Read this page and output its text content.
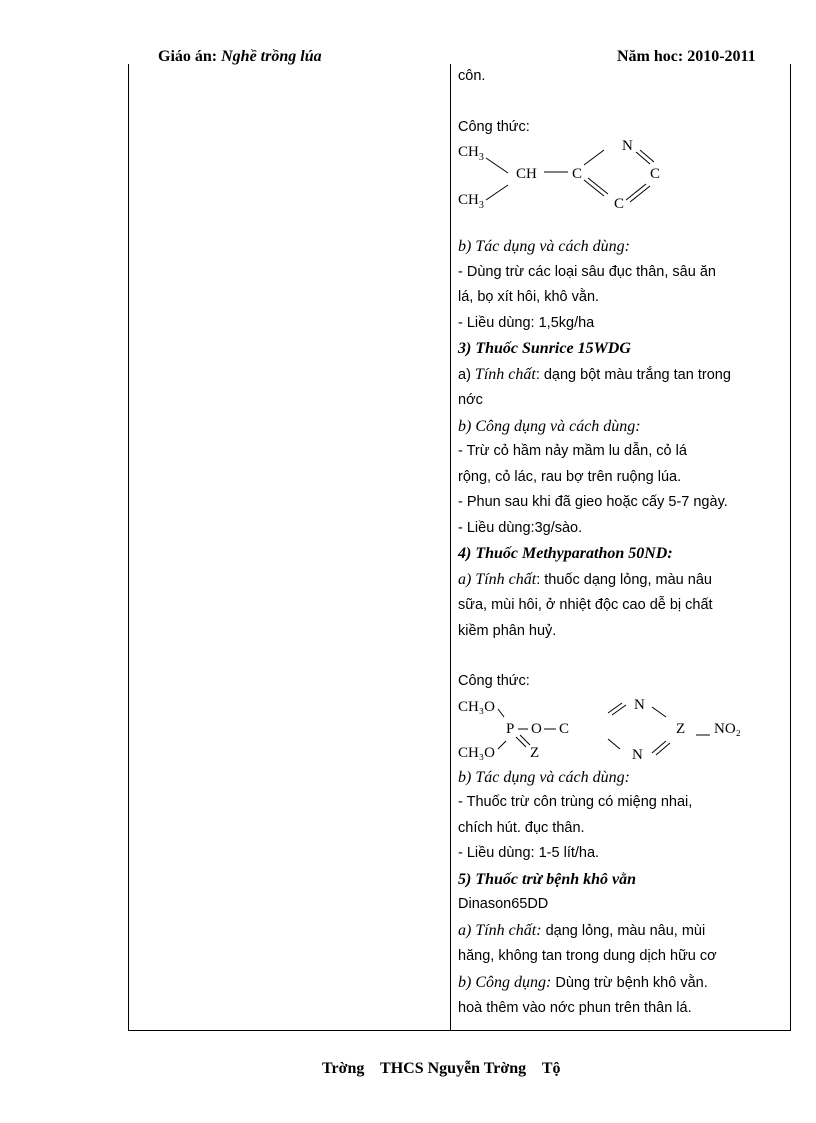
Giáo án: Nghề trồng lúa	Năm hoc: 2010-2011
côn.
Công thức:
$CH_3$
$CH_3$
CH C
N
C
C
b) Tác dụng và cách dùng:
- Dùng trừ các loại sâu đục thân, sâu ăn
lá, bọ xít hôi, khô vằn.
- Liều dùng: 1,5kg/ha
3) Thuốc Sunrice 15WDG
a) Tính chất: dạng bột màu trắng tan trong
nớc
b) Công dụng và cách dùng:
- Trừ cỏ hầm nảy mầm lu dẫn, cỏ lá
rộng, cỏ lác, rau bợ trên ruộng lúa.
- Phun sau khi đã gieo hoặc cấy 5-7 ngày.
- Liều dùng:3g/sào.
4) Thuốc Methyparathon 50ND:
a) Tính chất: thuốc dạng lỏng, màu nâu
sữa, mùi hôi, ở nhiệt độc cao dễ bị chất
kiềm phân huỷ.
Công thức:
CH₃O
CH₃O
P O C
N
Z NO₂
Z	N
b) Tác dụng và cách dùng:
- Thuốc trừ côn trùng có miệng nhai,
chích hút. đục thân.
- Liều dùng: 1-5 lít/ha.
5) Thuốc trừ bệnh khô vằn
Dinason65DD
a) Tính chất: dạng lỏng, màu nâu, mùi
hăng, không tan trong dung dịch hữu cơ
b) Công dụng: Dùng trừ bệnh khô vằn.
hoà thêm vào nớc phun trên thân lá.
Trờng    THCS Nguyễn Trờng    Tộ
